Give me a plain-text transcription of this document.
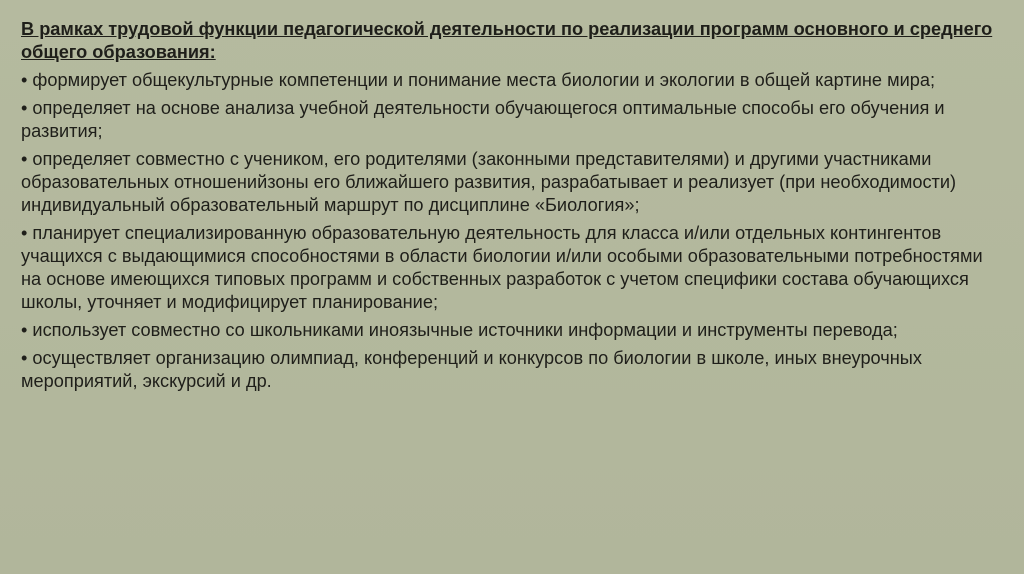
В рамках трудовой функции педагогической деятельности по реализации программ основного и среднего общего образования:

• формирует общекультурные компетенции и понимание места биологии и экологии в общей картине мира;
• определяет на основе анализа учебной деятельности обучающегося оптимальные способы его обучения и развития;
• определяет совместно с учеником, его родителями (законными представителями) и другими участниками образовательных отношенийзоны его ближайшего развития, разрабатывает и реализует (при необходимости) индивидуальный образовательный маршрут по дисциплине «Биология»;
• планирует специализированную образовательную деятельность для класса и/или отдельных контингентов учащихся с выдающимися способностями в области биологии и/или особыми образовательными потребностями на основе имеющихся типовых программ и собственных разработок с учетом специфики состава обучающихся школы, уточняет и модифицирует планирование;
• использует совместно со школьниками иноязычные источники информации и инструменты перевода;
• осуществляет организацию олимпиад, конференций и конкурсов по биологии в школе, иных внеурочных мероприятий, экскурсий и др.
